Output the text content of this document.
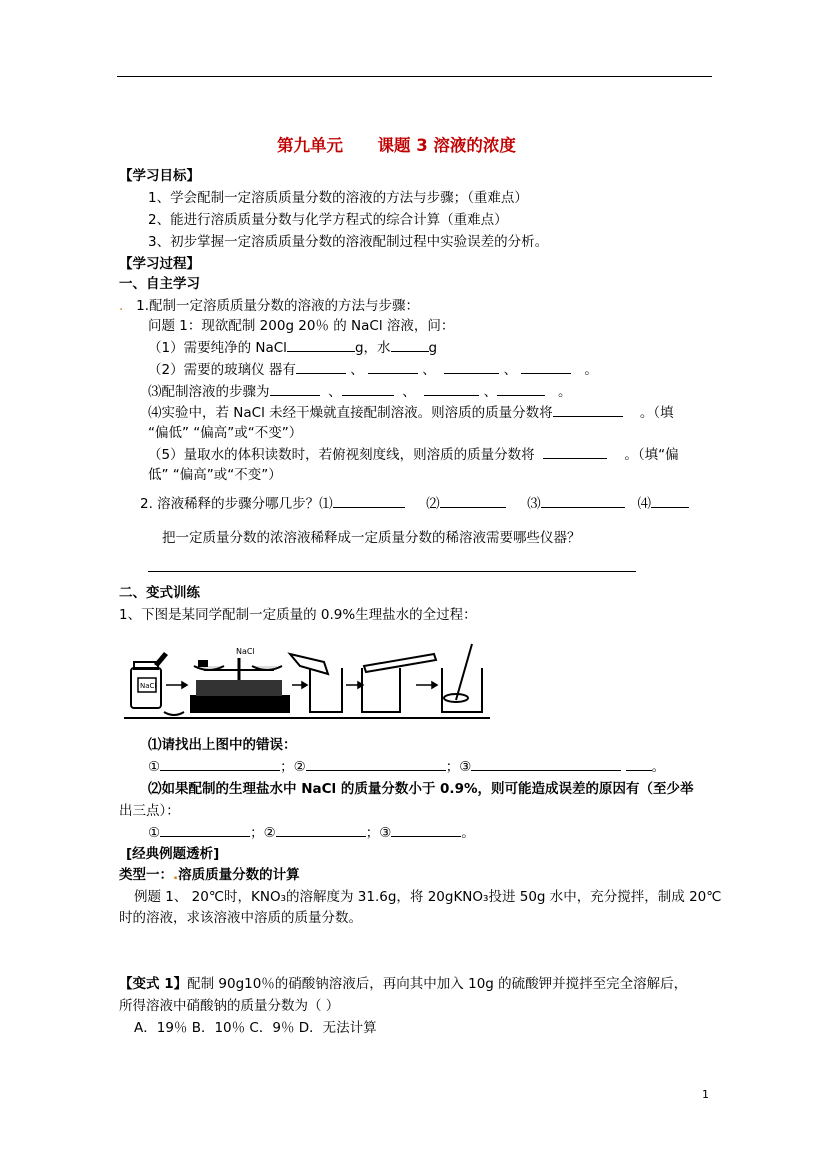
第九单元      课题 3 溶液的浓度
【学习目标】
1、学会配制一定溶质质量分数的溶液的方法与步骤；（重难点）
2、能进行溶质质量分数与化学方程式的综合计算（重难点）
3、初步掌握一定溶质质量分数的溶液配制过程中实验误差的分析。
【学习过程】
一、自主学习
. 1.配制一定溶质质量分数的溶液的方法与步骤：
问题 1：现欲配制 200g 20％ 的 NaCl 溶液，问：
（1）需要纯净的 NaCl	g，水	g
（2）需要的玻璃仪 器有	、	、	、	。
⑶配制溶液的步骤为	、	、	、	。
⑷实验中，若 NaCl 未经干燥就直接配制溶液。则溶质的质量分数将	。（填
“偏低” “偏高”或“不变”）
（5）量取水的体积读数时，若俯视刻度线，则溶质的质量分数将	。（填“偏
低” “偏高”或“不变”）
2. 溶液稀释的步骤分哪几步？⑴	⑵	⑶	⑷
把一定质量分数的浓溶液稀释成一定质量分数的稀溶液需要哪些仪器？
二、变式训练
1、下图是某同学配制一定质量的 0.9%生理盐水的全过程：
NaCl
NaCl
⑴请找出上图中的错误：
①	；②	；③	。
⑵如果配制的生理盐水中 NaCl 的质量分数小于 0.9%，则可能造成误差的原因有（至少举
出三点）：
①	；②	；③	。
[经典例题透析]
类型一：.溶质质量分数的计算
例题 1、 20℃时，KNO₃的溶解度为 31.6g，将 20gKNO₃投进 50g 水中，充分搅拌，制成 20℃
时的溶液，求该溶液中溶质的质量分数。
【变式 1】配制 90g10％的硝酸钠溶液后，再向其中加入 10g 的硫酸钾并搅拌至完全溶解后，
所得溶液中硝酸钠的质量分数为（ ）
A．19％ B．10％ C．9％ D．无法计算
1
